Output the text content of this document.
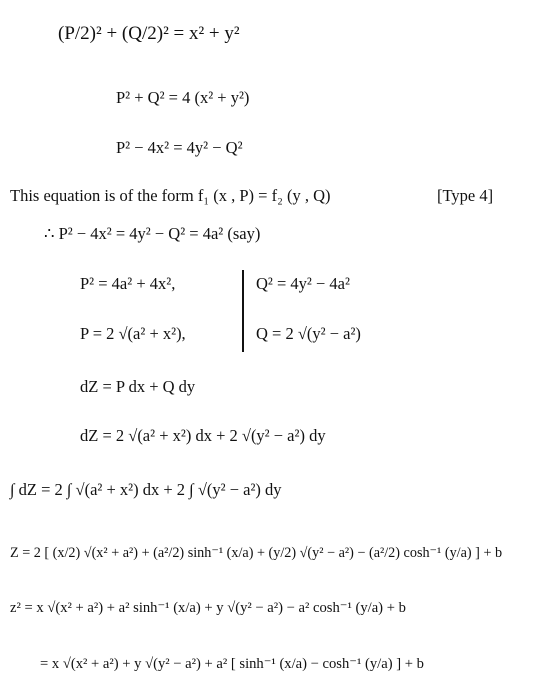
(P/2)² + (Q/2)² = x² + y²
P² + Q² = 4 (x² + y²)
P² − 4x² = 4y² − Q²
This equation is of the form f₁ (x , P) = f₂ (y , Q)	[Type 4]
∴ P² − 4x² = 4y² − Q² = 4a² (say)
P² = 4a² + 4x²,	Q² = 4y² − 4a²
P = 2 √(a² + x²),	Q = 2 √(y² − a²)
dZ = P dx + Q dy
dZ = 2 √(a² + x²) dx + 2 √(y² − a²) dy
∫ dZ = 2 ∫ √(a² + x²) dx + 2 ∫ √(y² − a²) dy
Z = 2 [ (x/2) √(x² + a²) + (a²/2) sinh⁻¹ (x/a) + (y/2) √(y² − a²) − (a²/2) cosh⁻¹ (y/a) ] + b
z² = x √(x² + a²) + a² sinh⁻¹ (x/a) + y √(y² − a²) − a² cosh⁻¹ (y/a) + b
= x √(x² + a²) + y √(y² − a²) + a² [ sinh⁻¹ (x/a) − cosh⁻¹ (y/a) ] + b
